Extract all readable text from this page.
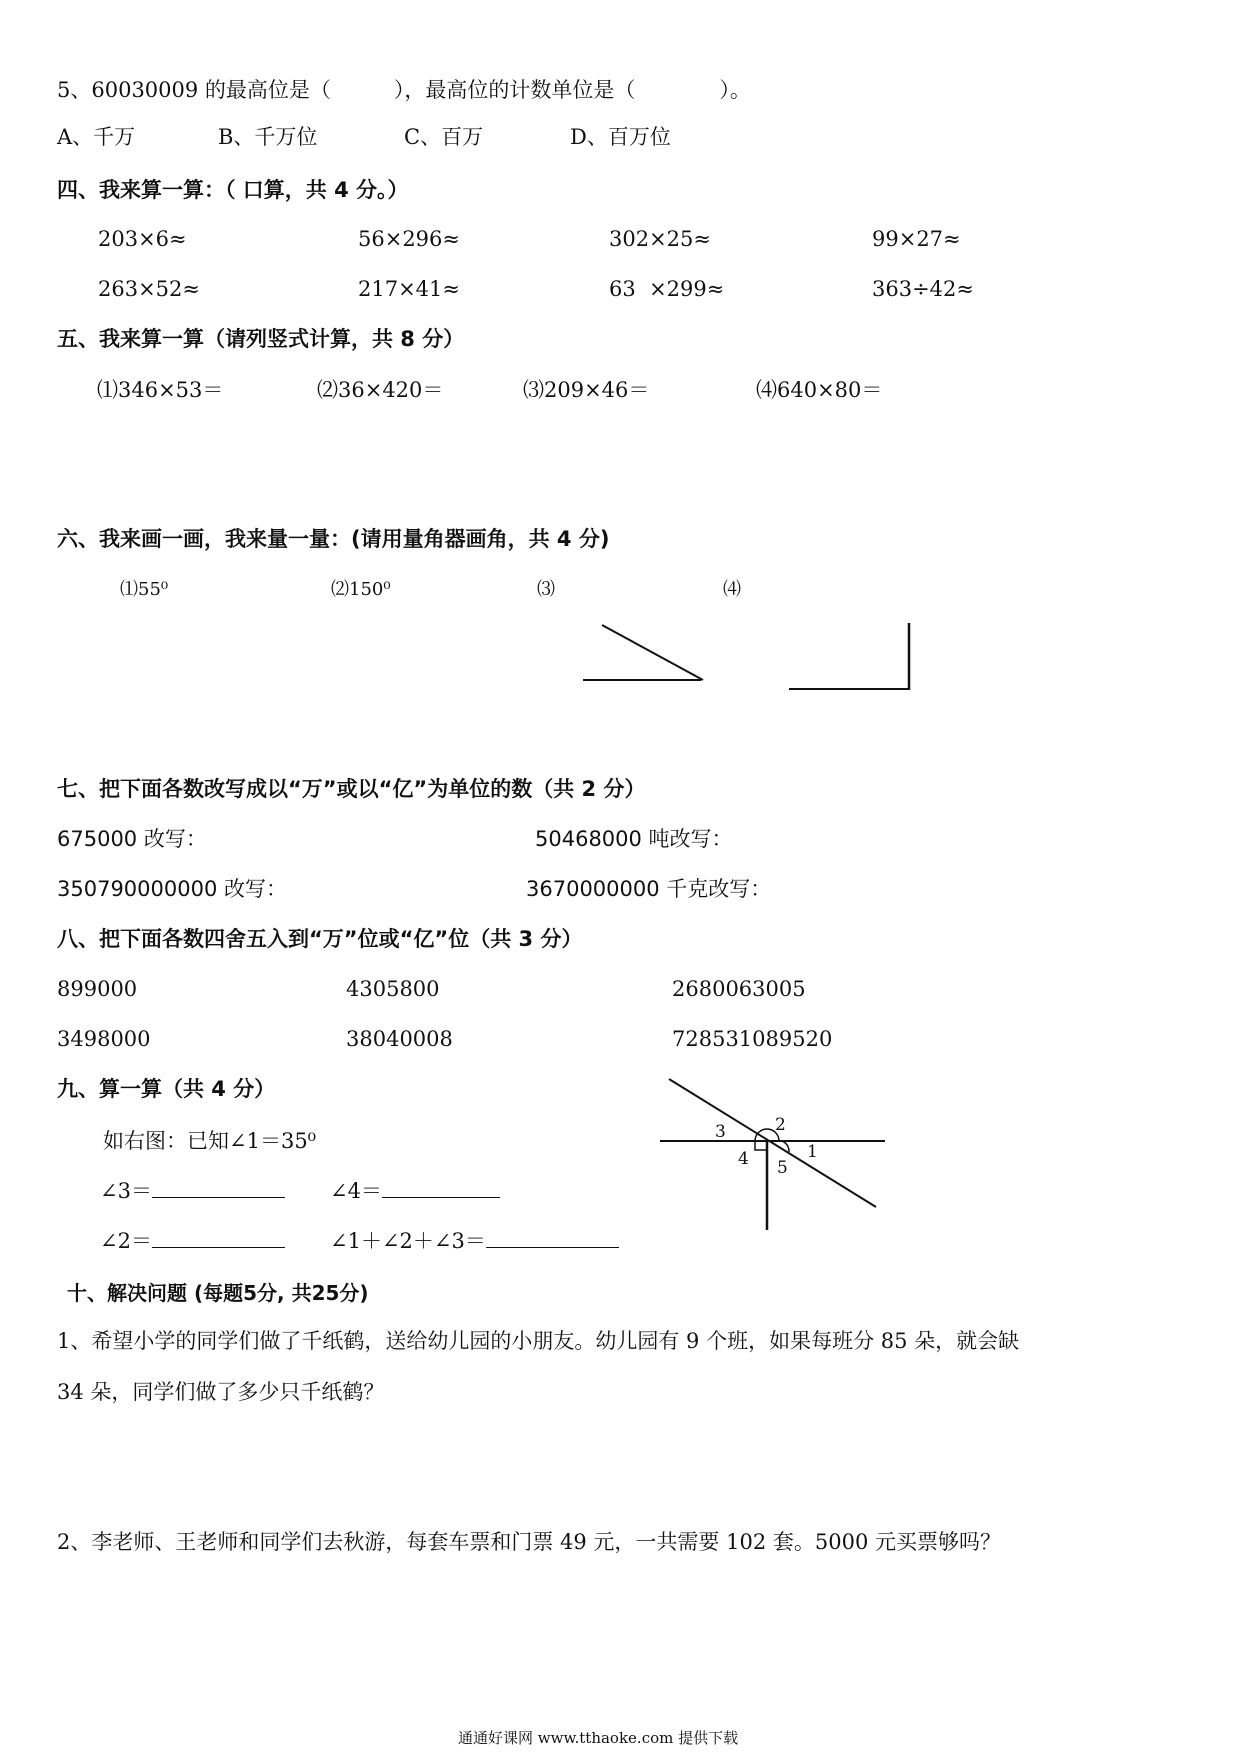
5、60030009 的最高位是（　　　），最高位的计数单位是（　　　　）。
A、千万	B、千万位	C、百万	D、百万位
四、我来算一算：（ 口算，共 4 分。）
203×6≈	56×296≈	302×25≈	99×27≈
263×52≈	217×41≈	63  ×299≈	363÷42≈
五、我来算一算（请列竖式计算，共 8 分）
⑴346×53＝	⑵36×420＝	⑶209×46＝	⑷640×80＝
六、我来画一画，我来量一量：(请用量角器画角，共 4 分)
⑴55⁰	⑵150⁰	⑶	⑷
七、把下面各数改写成以“万”或以“亿”为单位的数（共 2 分）
675000 改写：	50468000 吨改写：
350790000000 改写：	3670000000 千克改写：
八、把下面各数四舍五入到“万”位或“亿”位（共 3 分）
899000	4305800	2680063005
3498000	38040008	728531089520
九、算一算（共 4 分）
如右图：已知∠1＝35⁰
∠3＝	∠4＝
∠2＝	∠1＋∠2＋∠3＝
3	2
4	1
5
十、解决问题 (每题5分, 共25分)
1、希望小学的同学们做了千纸鹤，送给幼儿园的小朋友。幼儿园有 9 个班，如果每班分 85 朵，就会缺
34 朵，同学们做了多少只千纸鹤？
2、李老师、王老师和同学们去秋游，每套车票和门票 49 元，一共需要 102 套。5000 元买票够吗？
通通好课网 www.tthaoke.com 提供下载
